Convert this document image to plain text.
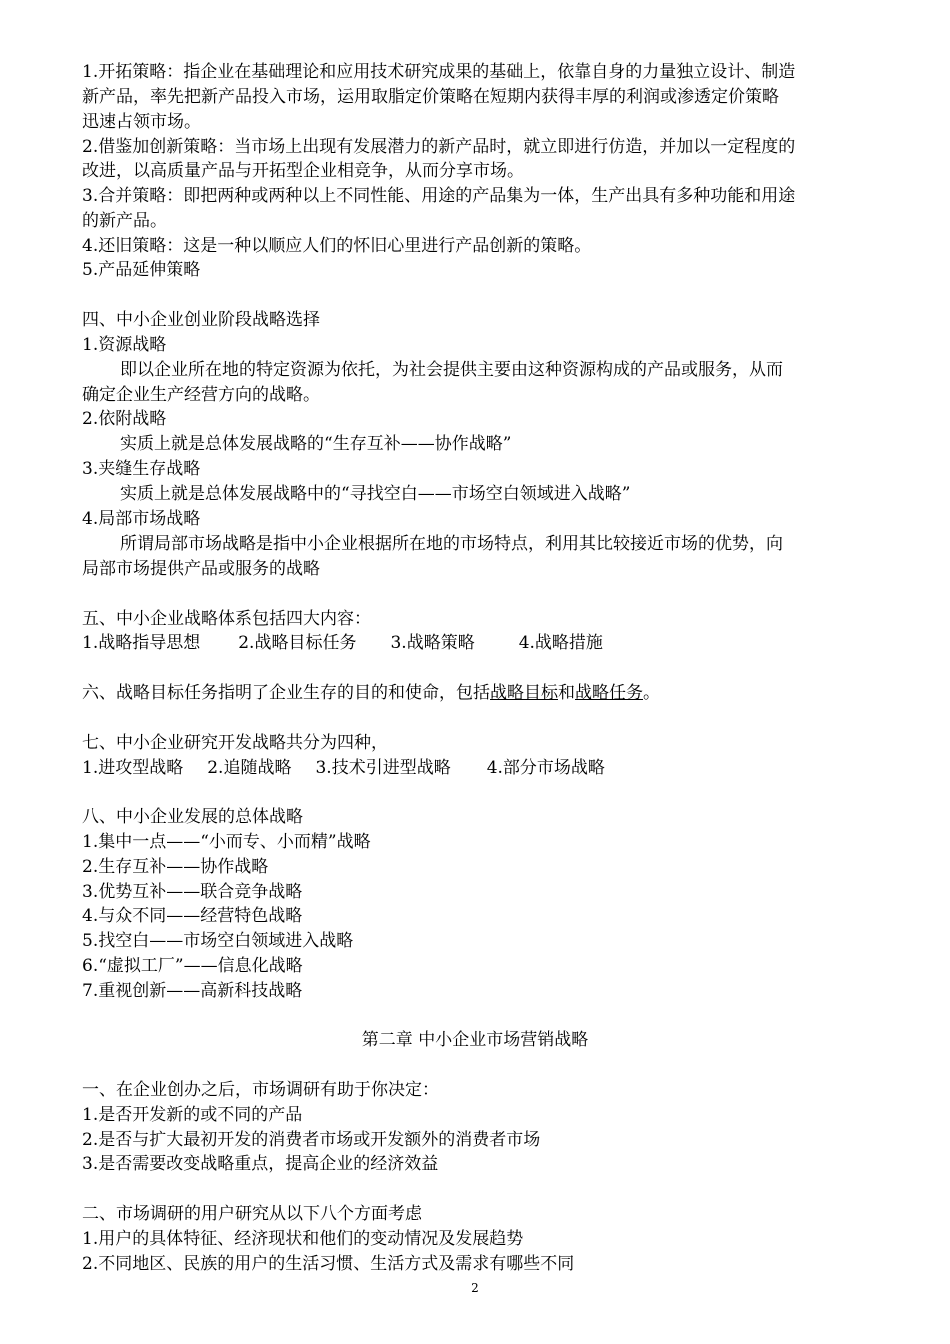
1.开拓策略：指企业在基础理论和应用技术研究成果的基础上，依靠自身的力量独立设计、制造
新产品，率先把新产品投入市场，运用取脂定价策略在短期内获得丰厚的利润或渗透定价策略
迅速占领市场。
2.借鉴加创新策略：当市场上出现有发展潜力的新产品时，就立即进行仿造，并加以一定程度的
改进，以高质量产品与开拓型企业相竞争，从而分享市场。
3.合并策略：即把两种或两种以上不同性能、用途的产品集为一体，生产出具有多种功能和用途
的新产品。
4.还旧策略：这是一种以顺应人们的怀旧心里进行产品创新的策略。
5.产品延伸策略
四、中小企业创业阶段战略选择
1.资源战略
即以企业所在地的特定资源为依托，为社会提供主要由这种资源构成的产品或服务，从而
确定企业生产经营方向的战略。
2.依附战略
实质上就是总体发展战略的“生存互补——协作战略”
3.夹缝生存战略
实质上就是总体发展战略中的“寻找空白——市场空白领域进入战略”
4.局部市场战略
所谓局部市场战略是指中小企业根据所在地的市场特点，利用其比较接近市场的优势，向
局部市场提供产品或服务的战略
五、中小企业战略体系包括四大内容：
1.战略指导思想 2.战略目标任务 3.战略策略	4.战略措施
六、战略目标任务指明了企业生存的目的和使命，包括战略目标和战略任务。
七、中小企业研究开发战略共分为四种，
1.进攻型战略 2.追随战略 3.技术引进型战略 4.部分市场战略
八、中小企业发展的总体战略
1.集中一点——“小而专、小而精”战略
2.生存互补——协作战略
3.优势互补——联合竞争战略
4.与众不同——经营特色战略
5.找空白——市场空白领域进入战略
6.“虚拟工厂”——信息化战略
7.重视创新——高新科技战略
第二章 中小企业市场营销战略
一、在企业创办之后，市场调研有助于你决定：
1.是否开发新的或不同的产品
2.是否与扩大最初开发的消费者市场或开发额外的消费者市场
3.是否需要改变战略重点，提高企业的经济效益
二、市场调研的用户研究从以下八个方面考虑
1.用户的具体特征、经济现状和他们的变动情况及发展趋势
2.不同地区、民族的用户的生活习惯、生活方式及需求有哪些不同
2
